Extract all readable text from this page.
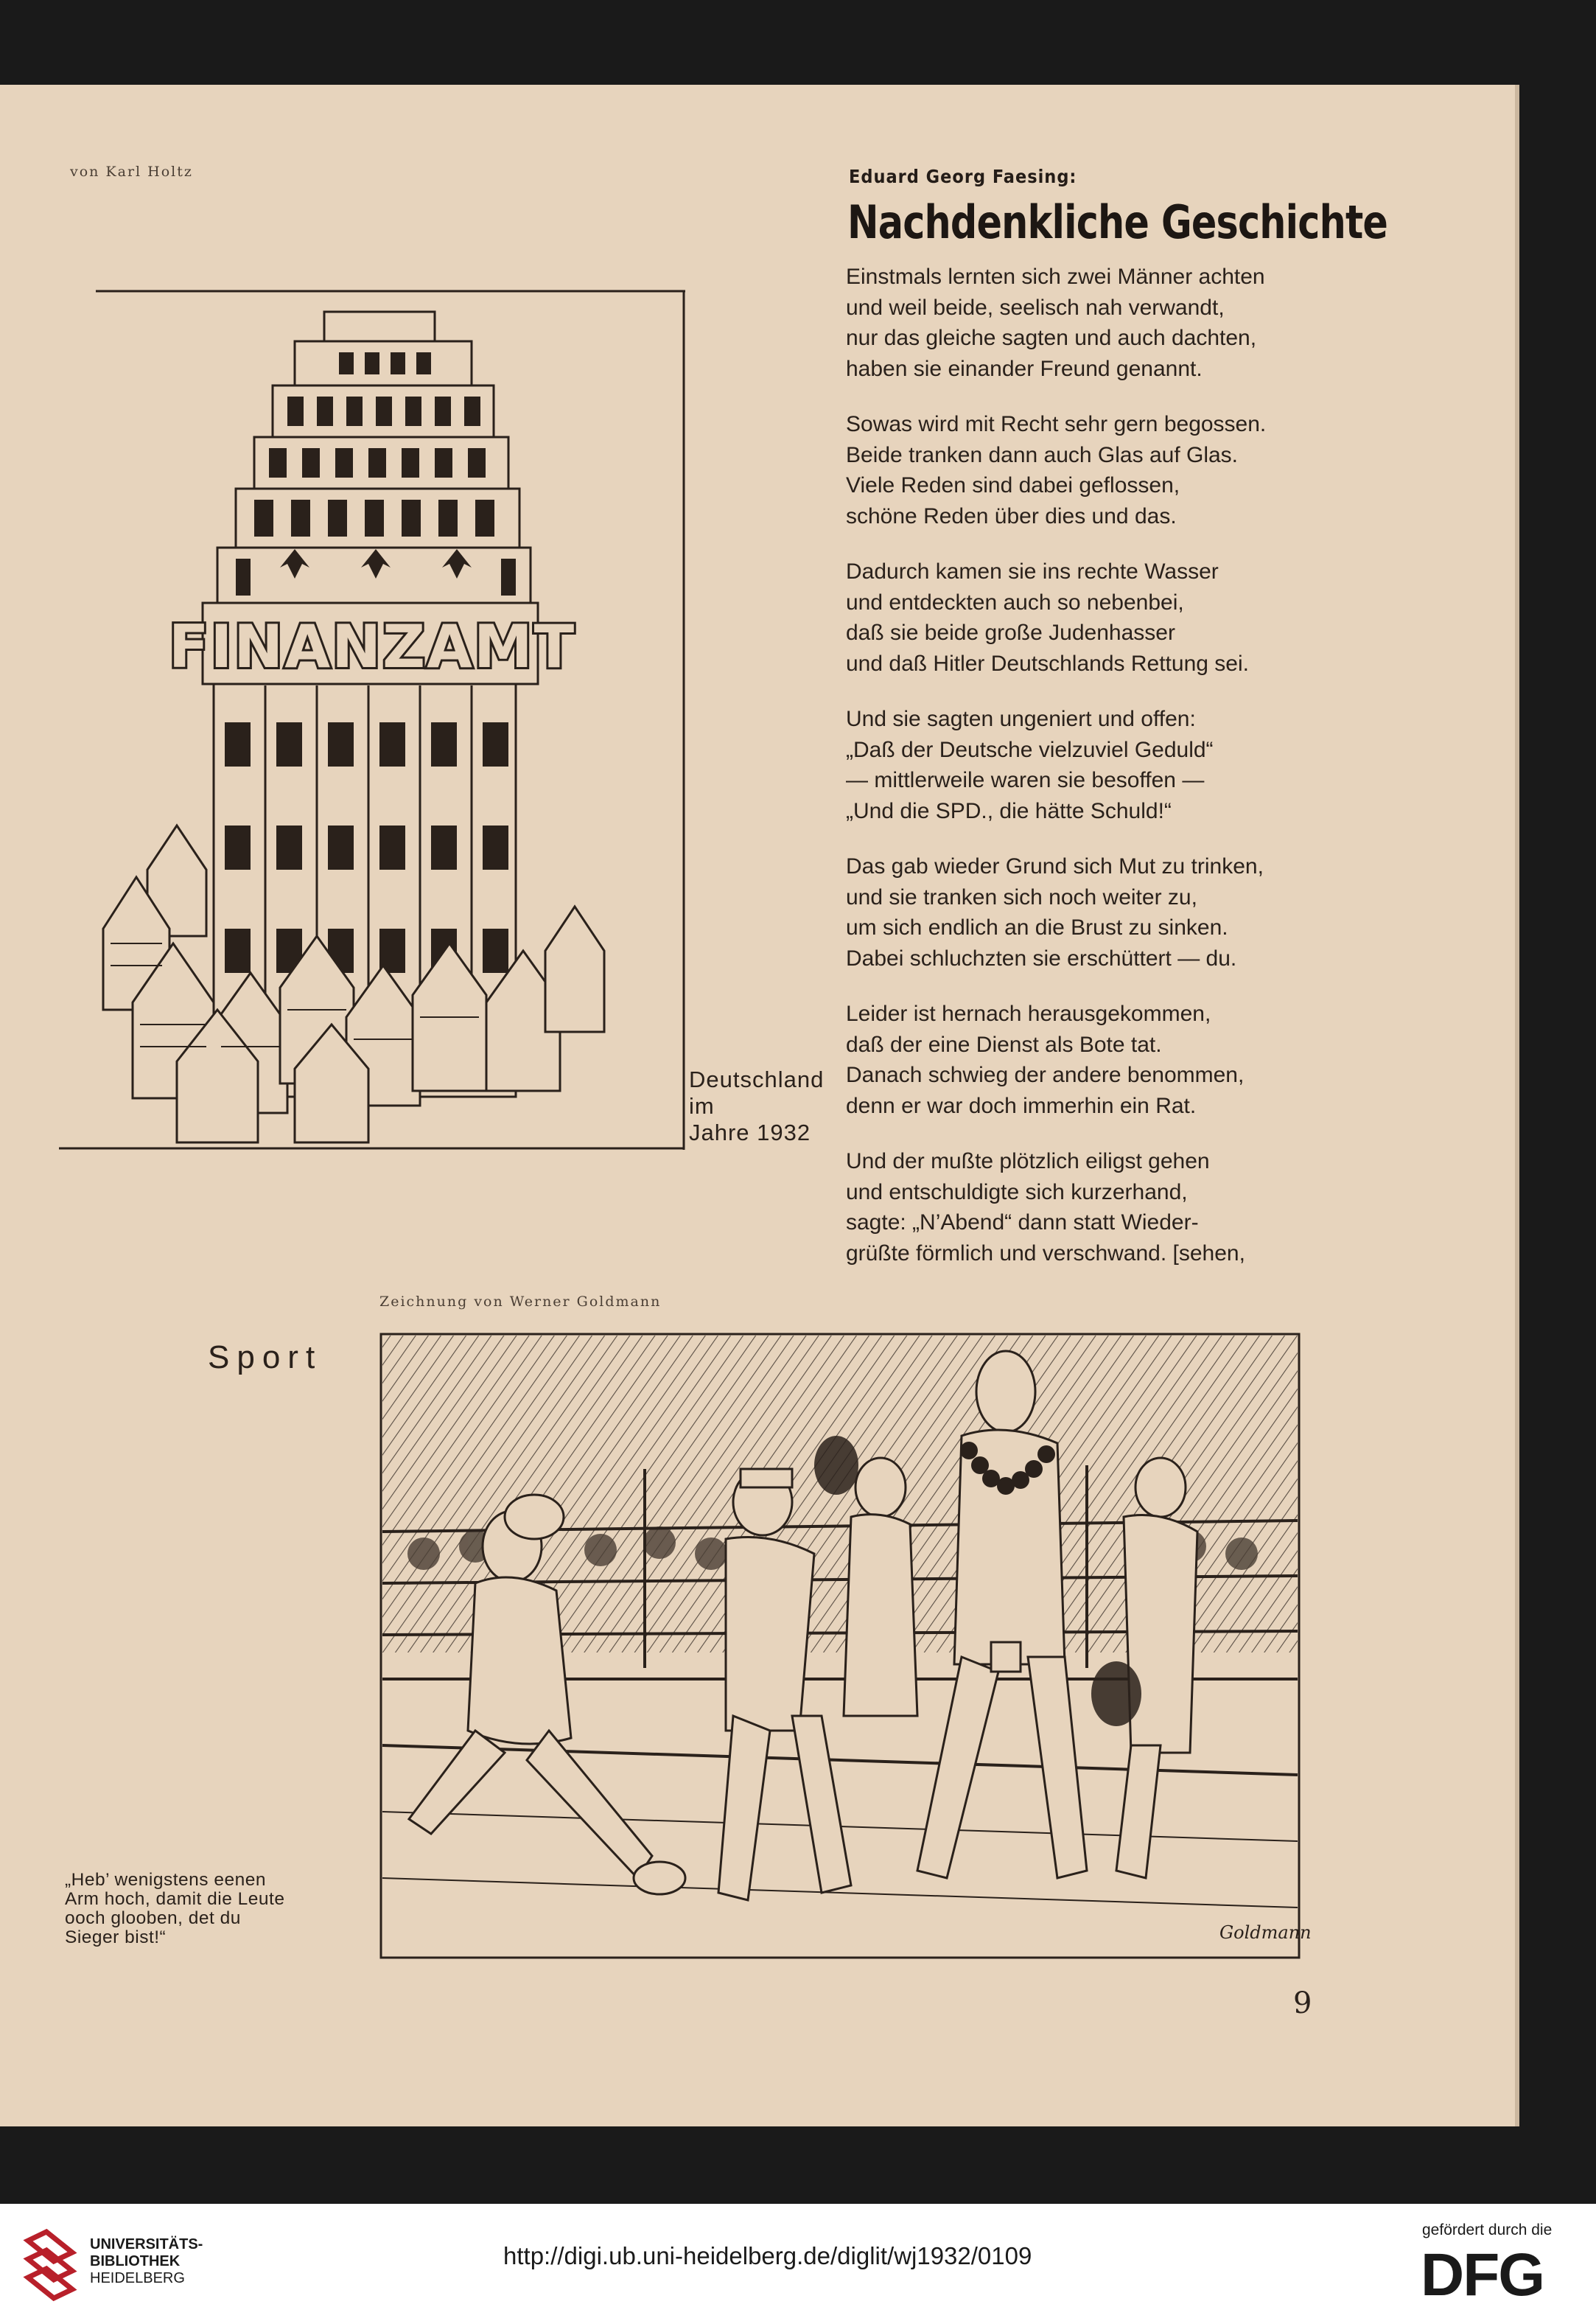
von Karl Holtz
FINANZAMT
Deutschland
im
Jahre 1932
Eduard Georg Faesing:
Nachdenkliche Geschichte
Einstmals lernten sich zwei Männer achten
und weil beide, seelisch nah verwandt,
nur das gleiche sagten und auch dachten,
haben sie einander Freund genannt.
Sowas wird mit Recht sehr gern begossen.
Beide tranken dann auch Glas auf Glas.
Viele Reden sind dabei geflossen,
schöne Reden über dies und das.
Dadurch kamen sie ins rechte Wasser
und entdeckten auch so nebenbei,
daß sie beide große Judenhasser
und daß Hitler Deutschlands Rettung sei.
Und sie sagten ungeniert und offen:
„Daß der Deutsche vielzuviel Geduld“
— mittlerweile waren sie besoffen —
„Und die SPD., die hätte Schuld!“
Das gab wieder Grund sich Mut zu trinken,
und sie tranken sich noch weiter zu,
um sich endlich an die Brust zu sinken.
Dabei schluchzten sie erschüttert — du.
Leider ist hernach herausgekommen,
daß der eine Dienst als Bote tat.
Danach schwieg der andere benommen,
denn er war doch immerhin ein Rat.
Und der mußte plötzlich eiligst gehen
und entschuldigte sich kurzerhand,
sagte: „N’Abend“ dann statt Wieder-
grüßte förmlich und verschwand. [sehen,
Zeichnung von Werner Goldmann
Sport
Goldmann
„Heb’ wenigstens eenen
Arm hoch, damit die Leute
ooch glooben, det du
Sieger bist!“
9
UNIVERSITÄTS-
BIBLIOTHEK
HEIDELBERG
http://digi.ub.uni-heidelberg.de/diglit/wj1932/0109
gefördert durch die
DFG
